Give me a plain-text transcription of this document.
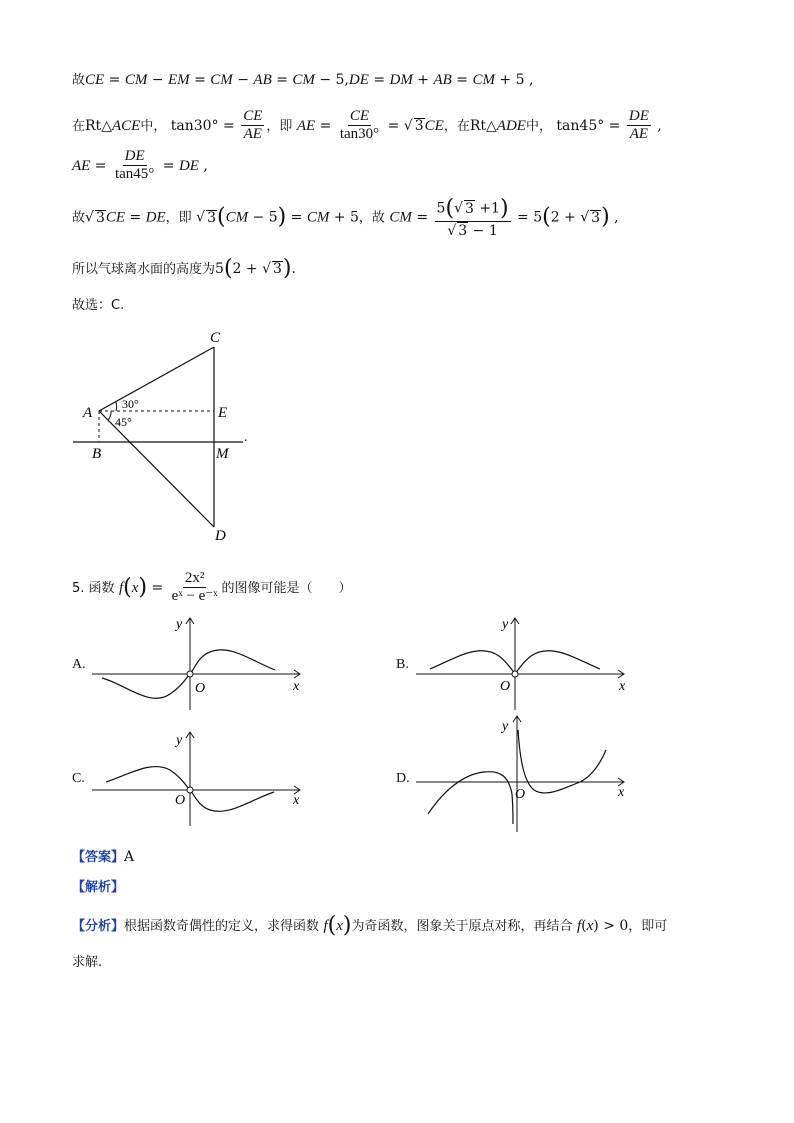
故CE = CM − EM = CM − AB = CM − 5,DE = DM + AB = CM + 5 ,
在Rt△ACE中， $\tan 30^\circ = \frac{CE}{AE}$ ，即 AE = $\frac{CE}{\tan 30^\circ}$ = √ 3CE，在Rt△ADE中， $\tan 45^\circ = \frac{DE}{AE}$ ,
AE = $\frac{DE}{\tan 45^\circ}$ = DE ,
故√ 3CE = DE，即 √ 3(CM − 5) = CM + 5，故 CM = $\frac{5(√ 3 +1)}{√ 3 - 1} = 5(2$ + √ 3) ,
所以气球离水面的高度为5(2 + √ 3).
故选：C.
A
B
C
D
E
M
30°
45°
.
5. 函数 $f(x) = \frac{\text{2x²}}{\text{eˣ − e⁻ˣ}}$ 的图像可能是（　　）
A.
y
x
O
B.
y
x
O
C.
y
x
O
D.
y
x
O
【答案】A
【解析】
【分析】根据函数奇偶性的定义，求得函数 f(x)为奇函数，图象关于原点对称，再结合 f(x) > 0，即可
求解.
